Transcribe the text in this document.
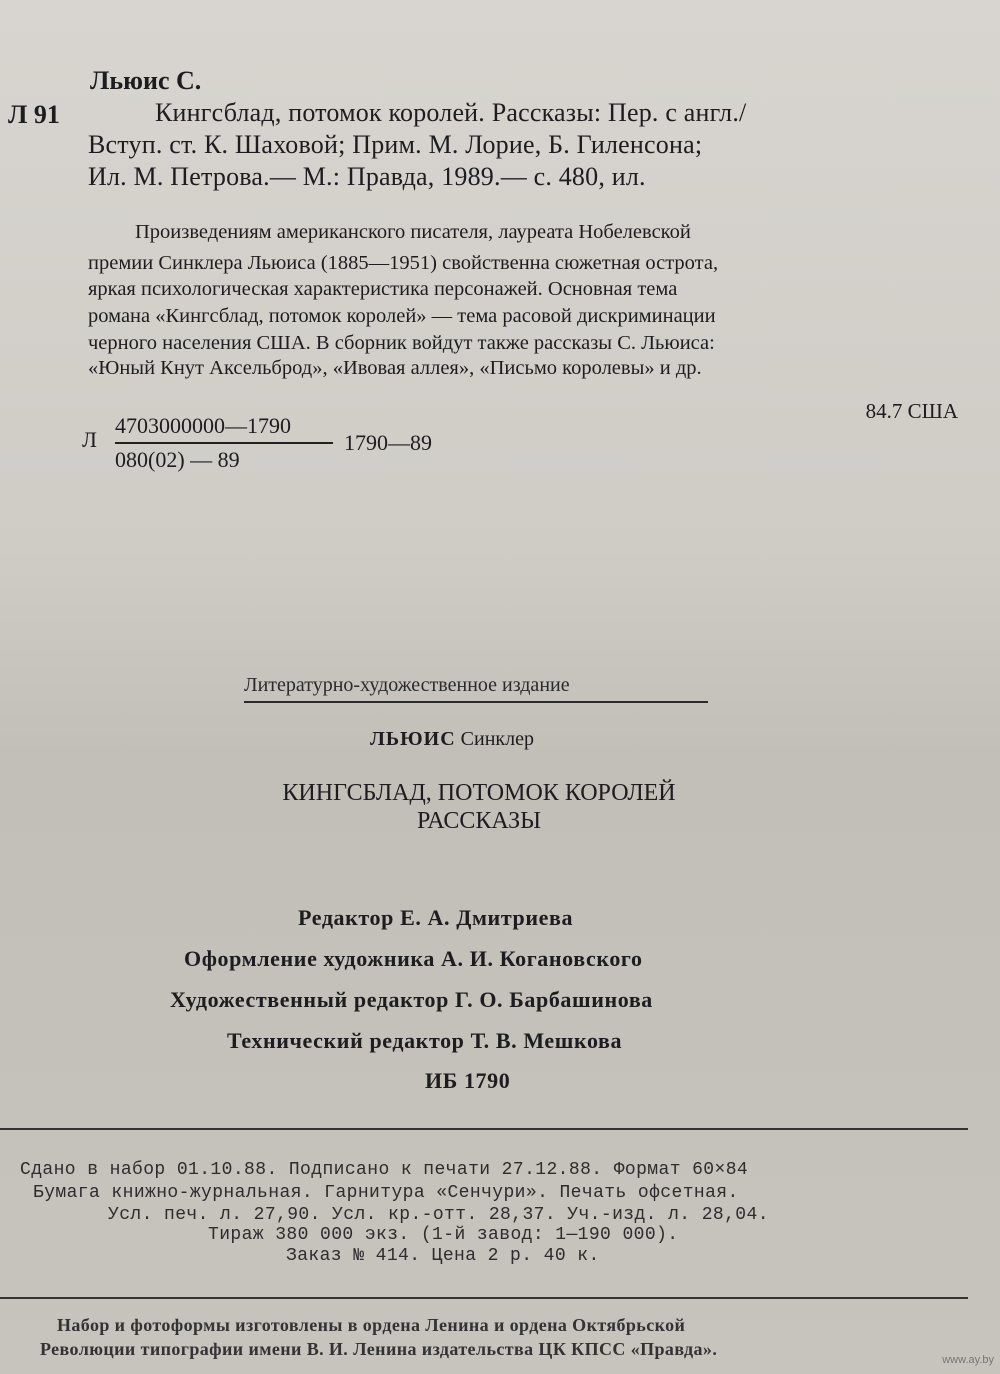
Льюис С.
Л 91	Кингсблад, потомок королей. Рассказы: Пер. с англ./
Вступ. ст. К. Шаховой; Прим. М. Лорие, Б. Гиленсона;
Ил. М. Петрова.— М.: Правда, 1989.— с. 480, ил.
Произведениям американского писателя, лауреата Нобелевской
премии Синклера Льюиса (1885—1951) свойственна сюжетная острота,
яркая психологическая характеристика персонажей. Основная тема
романа «Кингсблад, потомок королей» — тема расовой дискриминации
черного населения США. В сборник войдут также рассказы С. Льюиса:
«Юный Кнут Аксельброд», «Ивовая аллея», «Письмо королевы» и др.
84.7 США
Л
4703000000—1790
080(02) — 89
1790—89
Литературно-художественное издание
ЛЬЮИС Синклер
КИНГСБЛАД, ПОТОМОК КОРОЛЕЙ
РАССКАЗЫ
Редактор Е. А. Дмитриева
Оформление художника А. И. Когановского
Художественный редактор Г. О. Барбашинова
Технический редактор Т. В. Мешкова
ИБ 1790
Сдано в набор 01.10.88. Подписано к печати 27.12.88. Формат 60×84
Бумага книжно-журнальная. Гарнитура «Сенчури». Печать офсетная.
Усл. печ. л. 27,90. Усл. кр.-отт. 28,37. Уч.-изд. л. 28,04.
Тираж 380 000 экз. (1-й завод: 1—190 000).
Заказ № 414. Цена 2 р. 40 к.
Набор и фотоформы изготовлены в ордена Ленина и ордена Октябрьской
Революции типографии имени В. И. Ленина издательства ЦК КПСС «Правда».
www.ay.by
